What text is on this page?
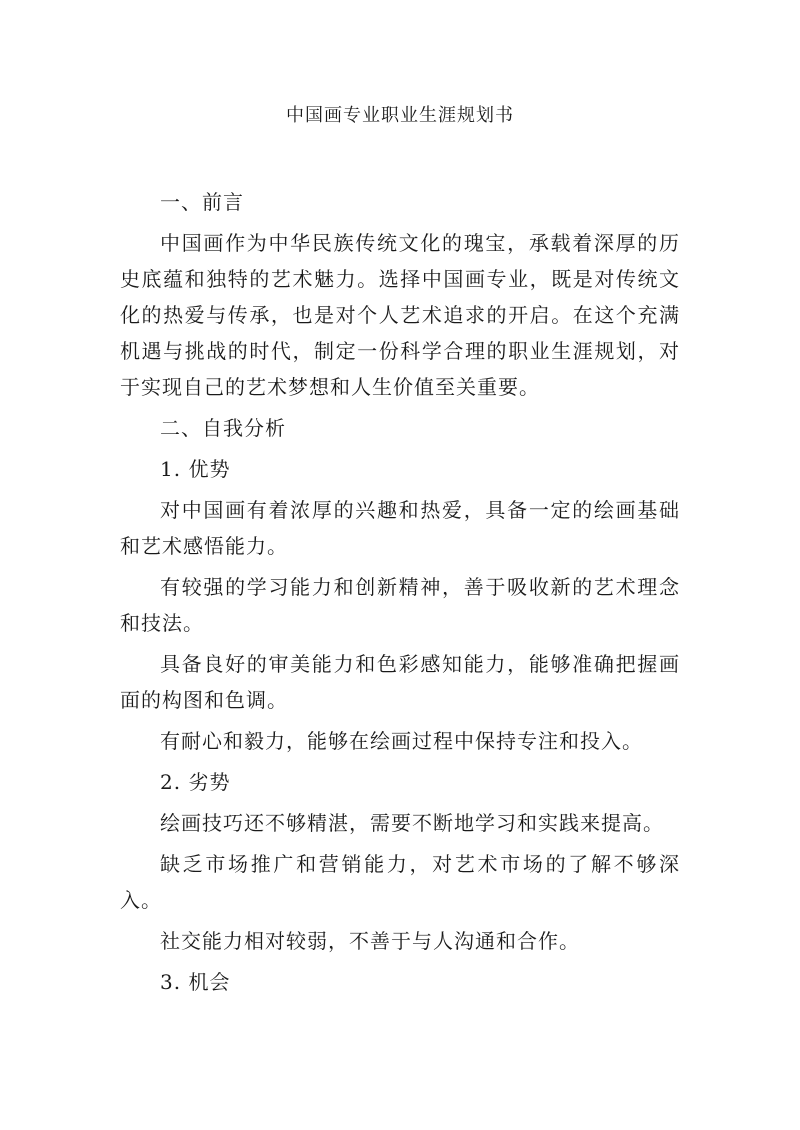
中国画专业职业生涯规划书

一、前言

中国画作为中华民族传统文化的瑰宝，承载着深厚的历史底蕴和独特的艺术魅力。选择中国画专业，既是对传统文化的热爱与传承，也是对个人艺术追求的开启。在这个充满机遇与挑战的时代，制定一份科学合理的职业生涯规划，对于实现自己的艺术梦想和人生价值至关重要。

二、自我分析

1. 优势

对中国画有着浓厚的兴趣和热爱，具备一定的绘画基础和艺术感悟能力。

有较强的学习能力和创新精神，善于吸收新的艺术理念和技法。

具备良好的审美能力和色彩感知能力，能够准确把握画面的构图和色调。

有耐心和毅力，能够在绘画过程中保持专注和投入。

2. 劣势

绘画技巧还不够精湛，需要不断地学习和实践来提高。

缺乏市场推广和营销能力，对艺术市场的了解不够深入。

社交能力相对较弱，不善于与人沟通和合作。

3. 机会
